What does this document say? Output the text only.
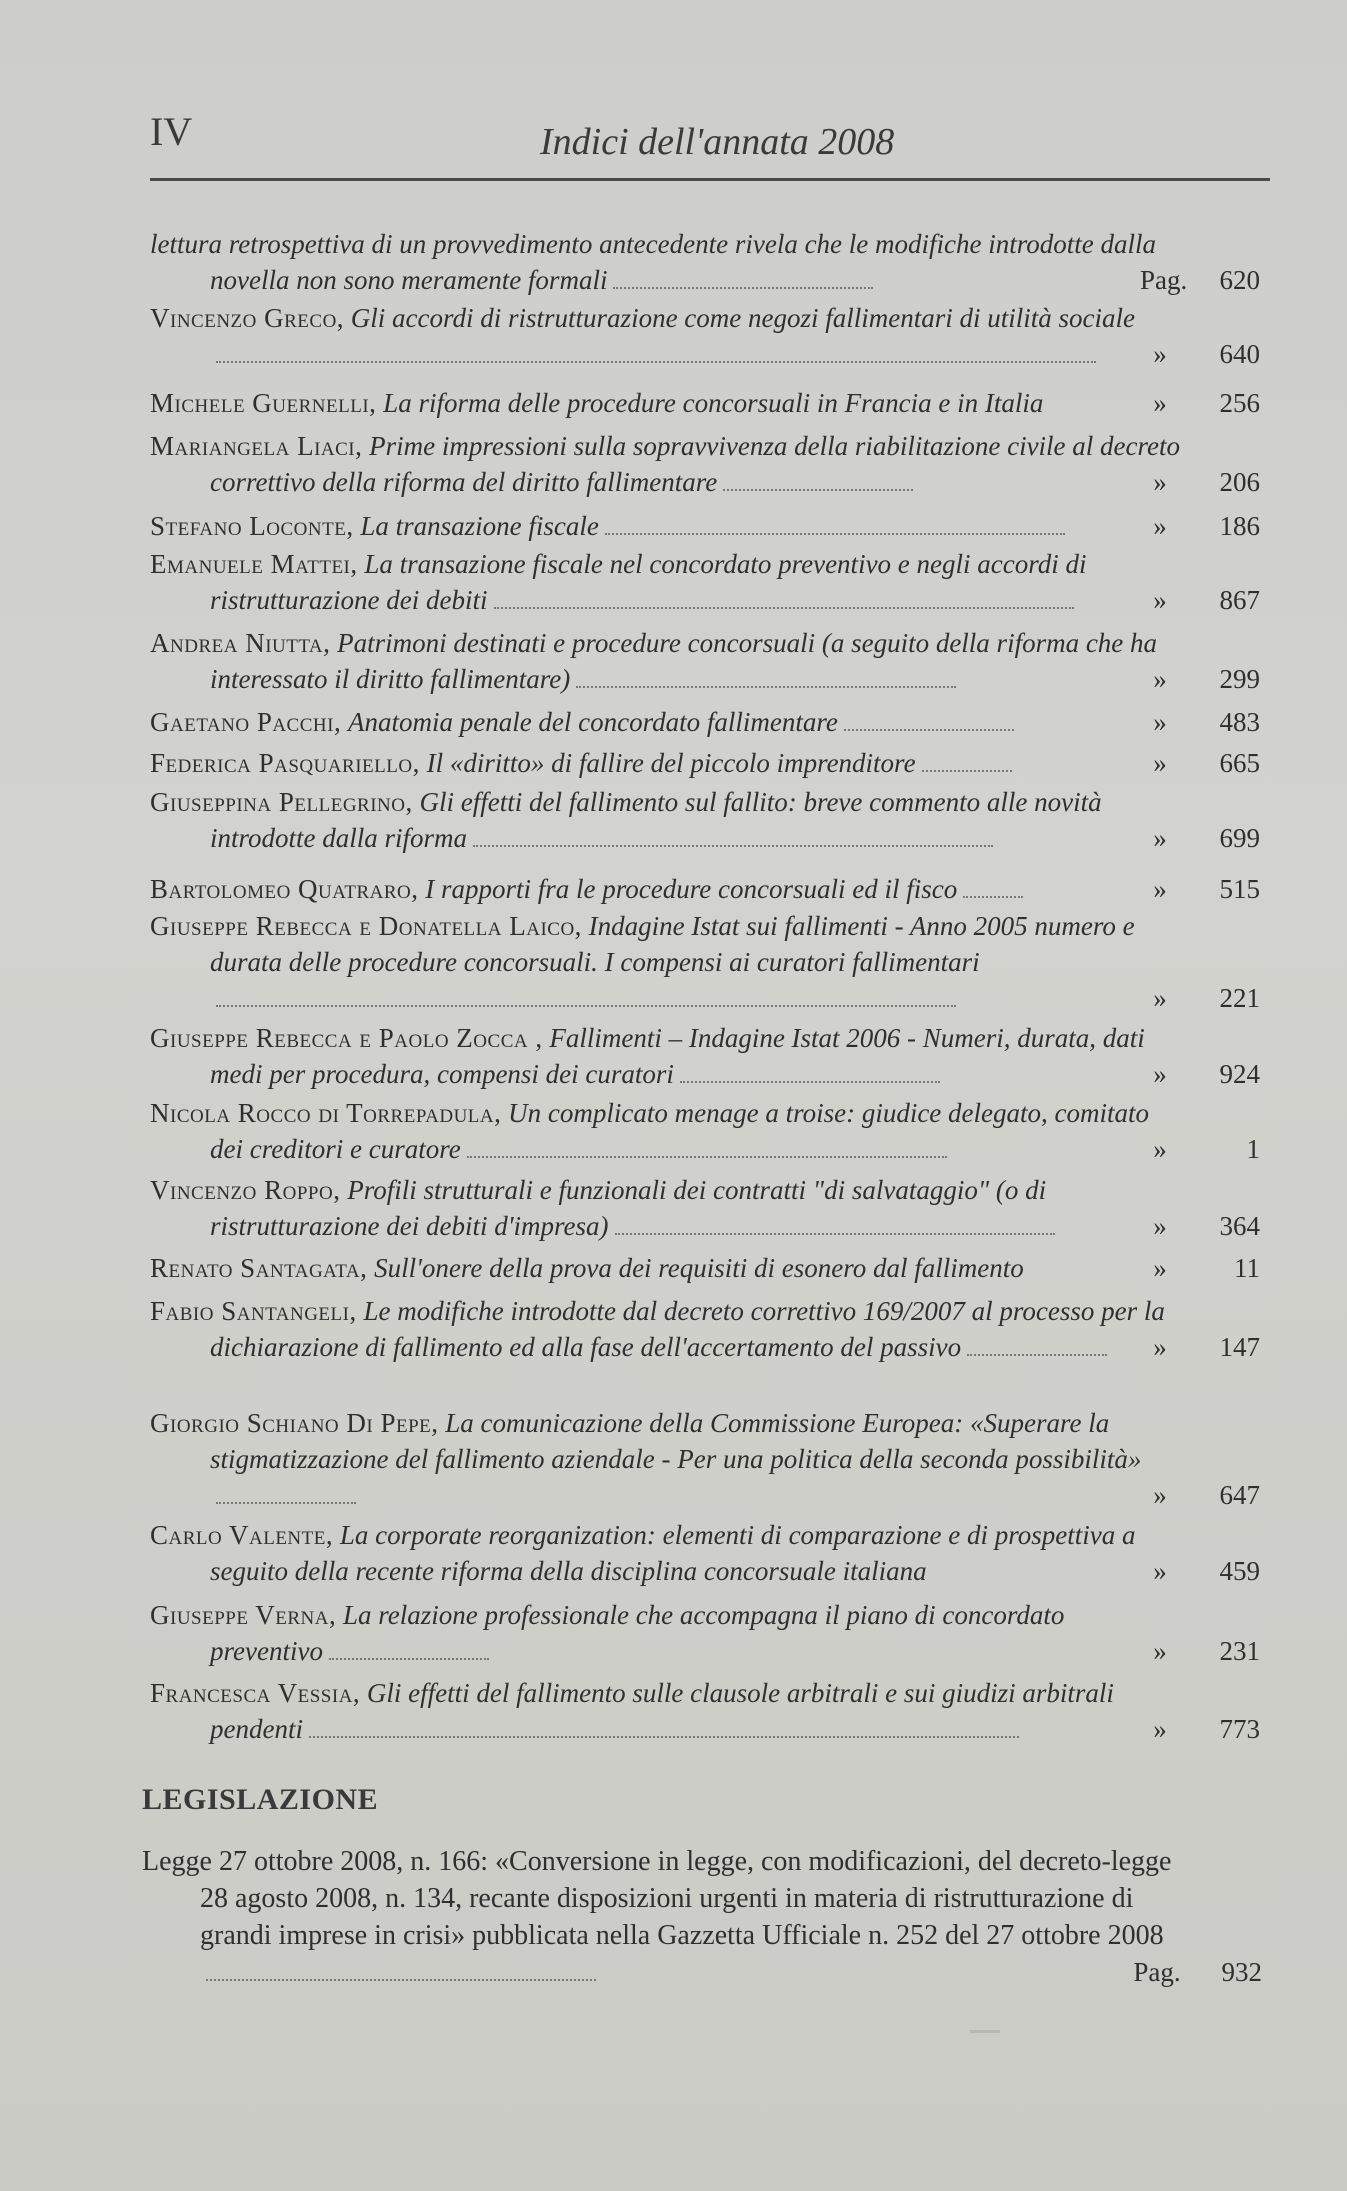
IV	Indici dell'annata 2008
lettura retrospettiva di un provvedimento antecedente rivela che le modifiche introdotte dalla novella non sono meramente formali	Pag. 620
Vincenzo Greco, Gli accordi di ristrutturazione come negozi fallimentari di utilità sociale
» 640
Michele Guernelli, La riforma delle procedure concorsuali in Francia e in Italia	» 256
Mariangela Liaci, Prime impressioni sulla sopravvivenza della riabilitazione civile al decreto correttivo della riforma del diritto fallimentare	» 206
Stefano Loconte, La transazione fiscale	» 186
Emanuele Mattei, La transazione fiscale nel concordato preventivo e negli accordi di ristrutturazione dei debiti	» 867
Andrea Niutta, Patrimoni destinati e procedure concorsuali (a seguito della riforma che ha interessato il diritto fallimentare)	» 299
Gaetano Pacchi, Anatomia penale del concordato fallimentare	» 483
Federica Pasquariello, Il «diritto» di fallire del piccolo imprenditore	» 665
Giuseppina Pellegrino, Gli effetti del fallimento sul fallito: breve commento alle novità introdotte dalla riforma	» 699
Bartolomeo Quatraro, I rapporti fra le procedure concorsuali ed il fisco	» 515
Giuseppe Rebecca e Donatella Laico, Indagine Istat sui fallimenti - Anno 2005 numero e durata delle procedure concorsuali. I compensi ai curatori fallimentari
» 221
Giuseppe Rebecca e Paolo Zocca , Fallimenti – Indagine Istat 2006 - Numeri, durata, dati medi per procedura, compensi dei curatori	» 924
Nicola Rocco di Torrepadula, Un complicato menage a troise: giudice delegato, comitato dei creditori e curatore	»	1
Vincenzo Roppo, Profili strutturali e funzionali dei contratti "di salvataggio" (o di ristrutturazione dei debiti d'impresa)	» 364
Renato Santagata, Sull'onere della prova dei requisiti di esonero dal fallimento	» 11
Fabio Santangeli, Le modifiche introdotte dal decreto correttivo 169/2007 al processo per la dichiarazione di fallimento ed alla fase dell'accertamento del passivo	» 147
Giorgio Schiano Di Pepe, La comunicazione della Commissione Europea: «Superare la stigmatizzazione del fallimento aziendale - Per una politica della seconda possibilità»
» 647
Carlo Valente, La corporate reorganization: elementi di comparazione e di prospettiva a seguito della recente riforma della disciplina concorsuale italiana	» 459
Giuseppe Verna, La relazione professionale che accompagna il piano di concordato preventivo	» 231
Francesca Vessia, Gli effetti del fallimento sulle clausole arbitrali e sui giudizi arbitrali pendenti	» 773
LEGISLAZIONE
Legge 27 ottobre 2008, n. 166: «Conversione in legge, con modificazioni, del decreto-legge 28 agosto 2008, n. 134, recante disposizioni urgenti in materia di ristrutturazione di grandi imprese in crisi» pubblicata nella Gazzetta Ufficiale n. 252 del 27 ottobre 2008
Pag. 932
